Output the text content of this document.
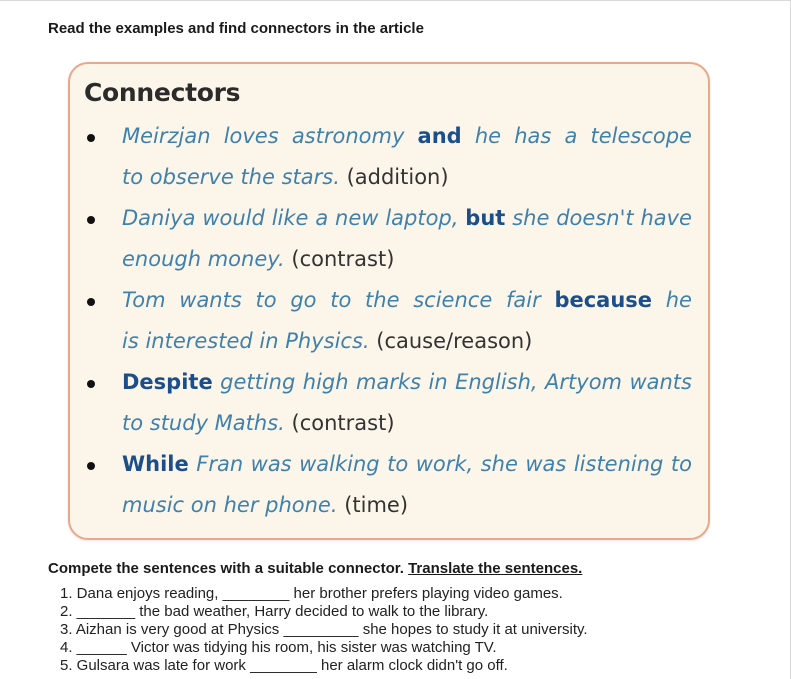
Read the examples and find connectors in the article
Connectors
Meirzjan loves astronomy and he has a telescope
to observe the stars. (addition)
Daniya would like a new laptop, but she doesn't have
enough money. (contrast)
Tom wants to go to the science fair because he
is interested in Physics. (cause/reason)
Despite getting high marks in English, Artyom wants
to study Maths. (contrast)
While Fran was walking to work, she was listening to
music on her phone. (time)
Compete the sentences with a suitable connector. Translate the sentences.
1. Dana enjoys reading, ________ her brother prefers playing video games.
2. _______ the bad weather, Harry decided to walk to the library.
3. Aizhan is very good at Physics _________ she hopes to study it at university.
4. ______ Victor was tidying his room, his sister was watching TV.
5. Gulsara was late for work ________ her alarm clock didn't go off.
